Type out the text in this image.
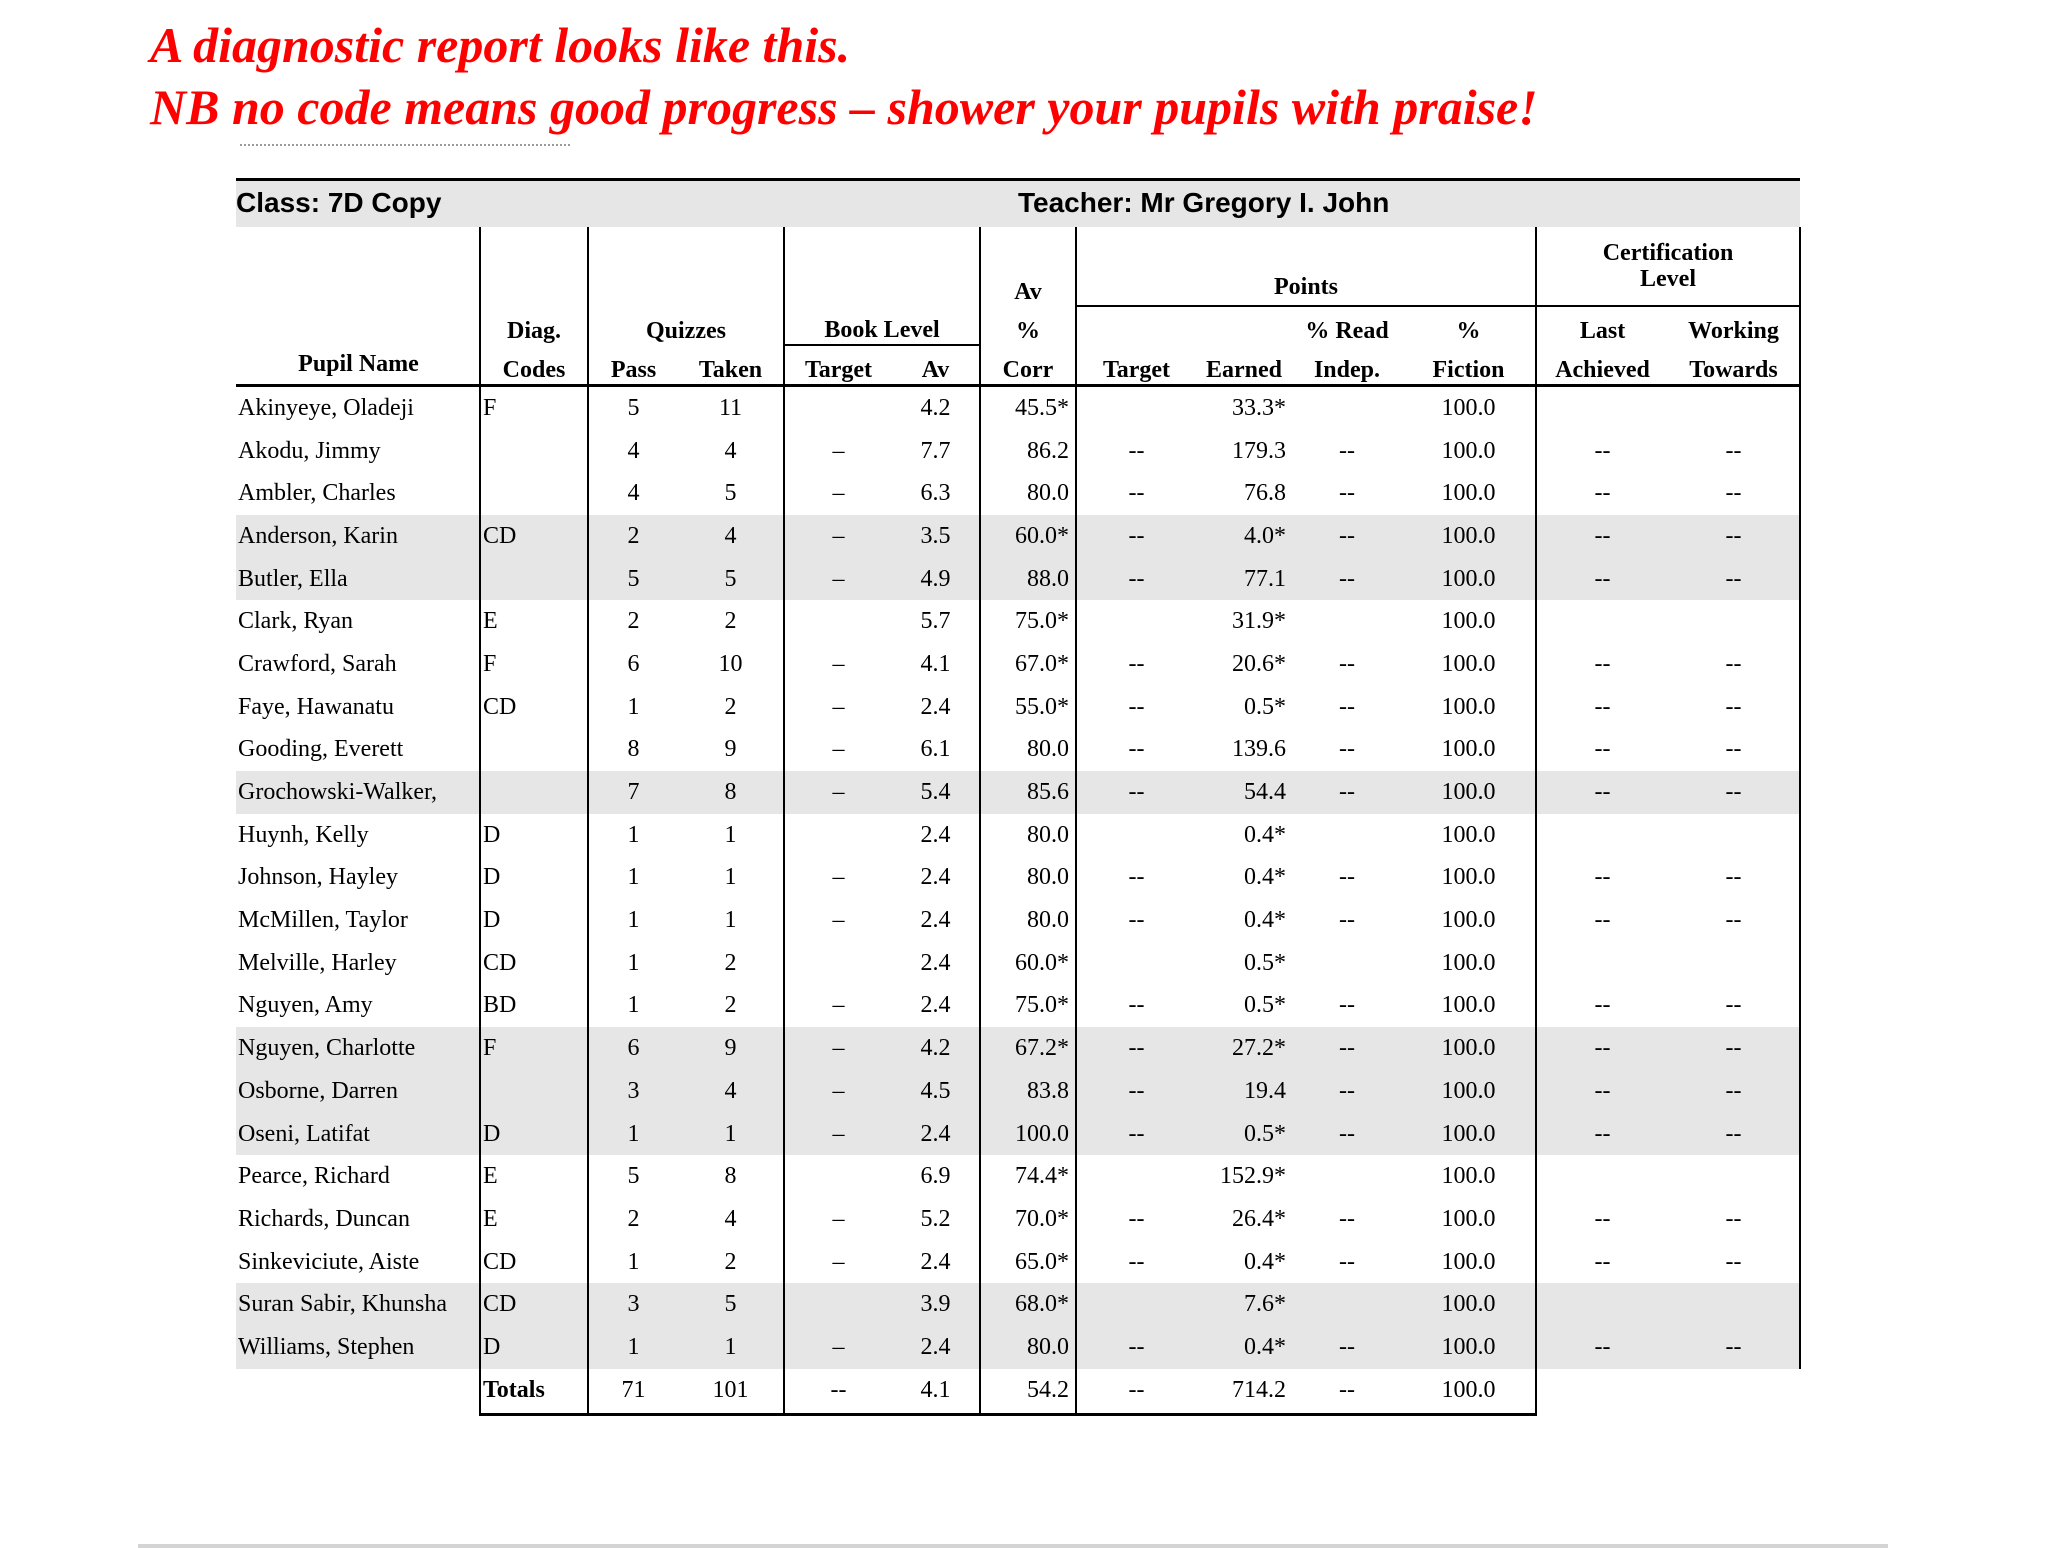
A diagnostic report looks like this.
NB no code means good progress – shower your pupils with praise!
Class: 7D Copy	Teacher: Mr Gregory I. John
Pupil Name						Av	Points				Certification
Level	

	Diag.	Quizzes		Book Level		%			% Read	%	Last	Working
	Codes	Pass	Taken	Target	Av	Corr	Target	Earned	Indep.	Fiction	Achieved	Towards
Akinyeye, Oladeji	F	5	11		4.2	45.5*		33.3*		100.0		
Akodu, Jimmy		4	4	–	7.7	86.2	--	179.3	--	100.0	--	--
Ambler, Charles		4	5	–	6.3	80.0	--	76.8	--	100.0	--	--
Anderson, Karin	CD	2	4	–	3.5	60.0*	--	4.0*	--	100.0	--	--
Butler, Ella		5	5	–	4.9	88.0	--	77.1	--	100.0	--	--
Clark, Ryan	E	2	2		5.7	75.0*		31.9*		100.0		
Crawford, Sarah	F	6	10	–	4.1	67.0*	--	20.6*	--	100.0	--	--
Faye, Hawanatu	CD	1	2	–	2.4	55.0*	--	0.5*	--	100.0	--	--
Gooding, Everett		8	9	–	6.1	80.0	--	139.6	--	100.0	--	--
Grochowski-Walker,		7	8	–	5.4	85.6	--	54.4	--	100.0	--	--
Huynh, Kelly	D	1	1		2.4	80.0		0.4*		100.0		
Johnson, Hayley	D	1	1	–	2.4	80.0	--	0.4*	--	100.0	--	--
McMillen, Taylor	D	1	1	–	2.4	80.0	--	0.4*	--	100.0	--	--
Melville, Harley	CD	1	2		2.4	60.0*		0.5*		100.0		
Nguyen, Amy	BD	1	2	–	2.4	75.0*	--	0.5*	--	100.0	--	--
Nguyen, Charlotte	F	6	9	–	4.2	67.2*	--	27.2*	--	100.0	--	--
Osborne, Darren		3	4	–	4.5	83.8	--	19.4	--	100.0	--	--
Oseni, Latifat	D	1	1	–	2.4	100.0	--	0.5*	--	100.0	--	--
Pearce, Richard	E	5	8		6.9	74.4*		152.9*		100.0		
Richards, Duncan	E	2	4	–	5.2	70.0*	--	26.4*	--	100.0	--	--
Sinkeviciute, Aiste	CD	1	2	–	2.4	65.0*	--	0.4*	--	100.0	--	--
Suran Sabir, Khunsha	CD	3	5		3.9	68.0*		7.6*		100.0		
Williams, Stephen	D	1	1	–	2.4	80.0	--	0.4*	--	100.0	--	--
	Totals	71	101	--	4.1	54.2	--	714.2	--	100.0		
